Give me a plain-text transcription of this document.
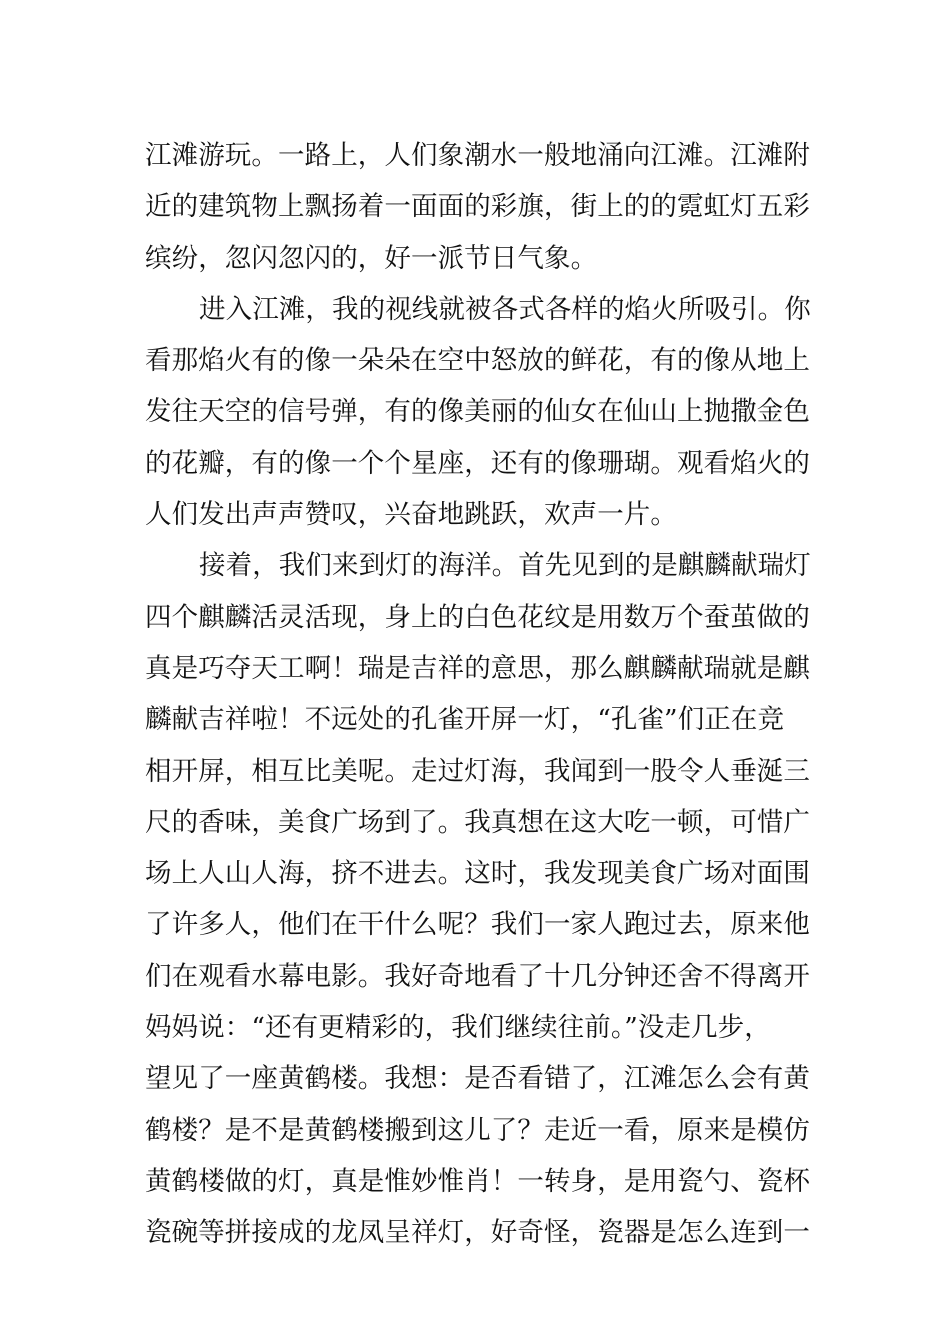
江滩游玩。一路上，人们象潮水一般地涌向江滩。江滩附
近的建筑物上飘扬着一面面的彩旗，街上的的霓虹灯五彩
缤纷，忽闪忽闪的，好一派节日气象。
进入江滩，我的视线就被各式各样的焰火所吸引。你
看那焰火有的像一朵朵在空中怒放的鲜花，有的像从地上
发往天空的信号弹，有的像美丽的仙女在仙山上抛撒金色
的花瓣，有的像一个个星座，还有的像珊瑚。观看焰火的
人们发出声声赞叹，兴奋地跳跃，欢声一片。
接着，我们来到灯的海洋。首先见到的是麒麟献瑞灯
四个麒麟活灵活现，身上的白色花纹是用数万个蚕茧做的
真是巧夺天工啊！瑞是吉祥的意思，那么麒麟献瑞就是麒
麟献吉祥啦！不远处的孔雀开屏一灯，“孔雀”们正在竞
相开屏，相互比美呢。走过灯海，我闻到一股令人垂涎三
尺的香味，美食广场到了。我真想在这大吃一顿，可惜广
场上人山人海，挤不进去。这时，我发现美食广场对面围
了许多人，他们在干什么呢？我们一家人跑过去，原来他
们在观看水幕电影。我好奇地看了十几分钟还舍不得离开
妈妈说：“还有更精彩的，我们继续往前。”没走几步，
望见了一座黄鹤楼。我想：是否看错了，江滩怎么会有黄
鹤楼？是不是黄鹤楼搬到这儿了？走近一看，原来是模仿
黄鹤楼做的灯，真是惟妙惟肖！一转身，是用瓷勺、瓷杯
瓷碗等拼接成的龙凤呈祥灯，好奇怪，瓷器是怎么连到一
